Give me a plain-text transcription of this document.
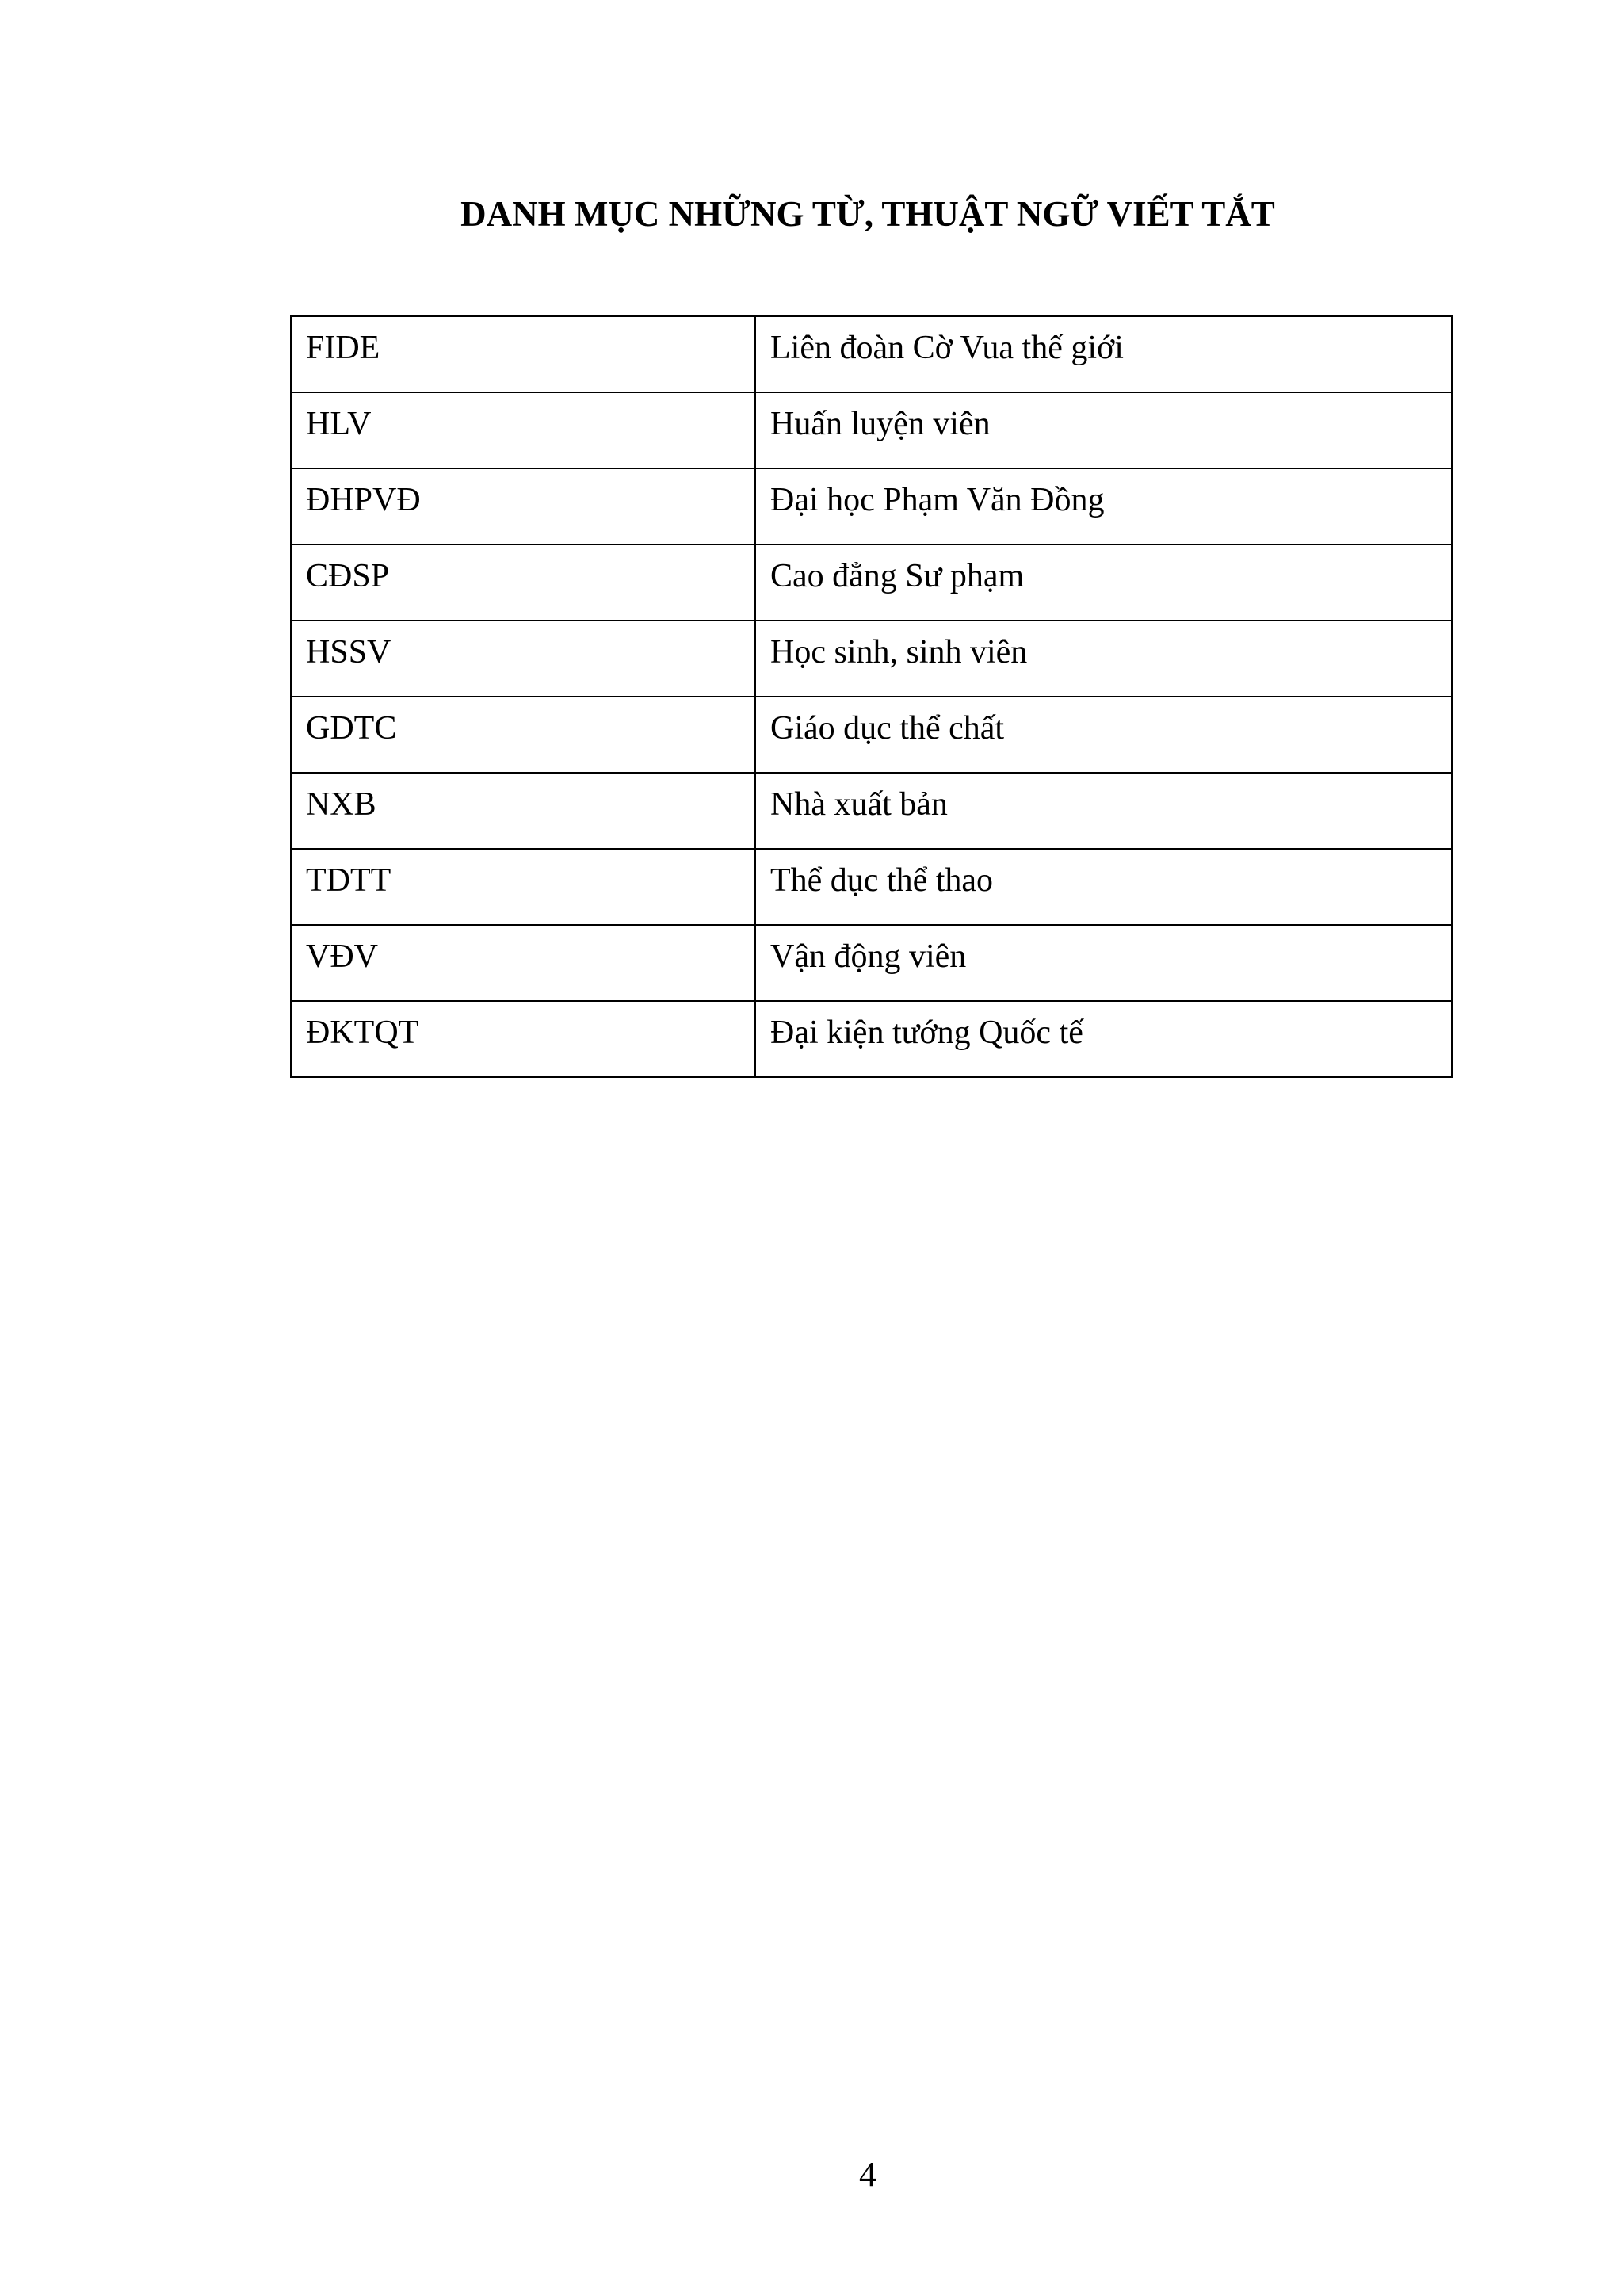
DANH MỤC NHỮNG TỪ, THUẬT NGỮ VIẾT TẮT
FIDE	Liên đoàn Cờ Vua thế giới
HLV	Huấn luyện viên
ĐHPVĐ	Đại học Phạm Văn Đồng
CĐSP	Cao đẳng Sư phạm
HSSV	Học sinh, sinh viên
GDTC	Giáo dục thể chất
NXB	Nhà xuất bản
TDTT	Thể dục thể thao
VĐV	Vận động viên
ĐKTQT	Đại kiện tướng Quốc tế
4
